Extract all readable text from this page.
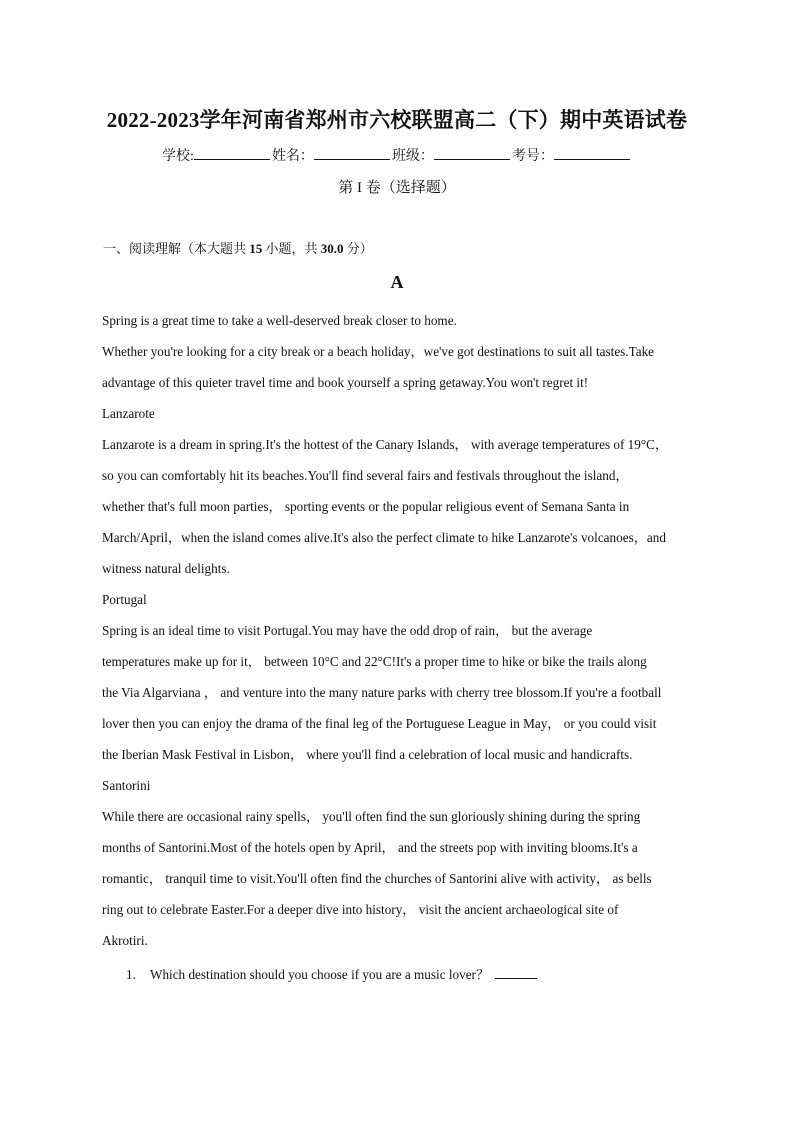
2022-2023学年河南省郑州市六校联盟高二（下）期中英语试卷
学校:	姓名：	班级：	考号：
第 I 卷（选择题）
一、阅读理解（本大题共 15 小题，共 30.0 分）
A
Spring is a great time to take a well-deserved break closer to home.
Whether you're looking for a city break or a beach holiday，we've got destinations to suit all tastes.Take
advantage of this quieter travel time and book yourself a spring getaway.You won't regret it!
Lanzarote
Lanzarote is a dream in spring.It's the hottest of the Canary Islands， with average temperatures of 19°C，
so you can comfortably hit its beaches.You'll find several fairs and festivals throughout the island，
whether that's full moon parties， sporting events or the popular religious event of Semana Santa in
March/April，when the island comes alive.It's also the perfect climate to hike Lanzarote's volcanoes，and
witness natural delights.
Portugal
Spring is an ideal time to visit Portugal.You may have the odd drop of rain， but the average
temperatures make up for it， between 10°C and 22°C!It's a proper time to hike or bike the trails along
the Via Algarviana ， and venture into the many nature parks with cherry tree blossom.If you're a football
lover then you can enjoy the drama of the final leg of the Portuguese League in May， or you could visit
the Iberian Mask Festival in Lisbon， where you'll find a celebration of local music and handicrafts.
Santorini
While there are occasional rainy spells， you'll often find the sun gloriously shining during the spring
months of Santorini.Most of the hotels open by April， and the streets pop with inviting blooms.It's a
romantic， tranquil time to visit.You'll often find the churches of Santorini alive with activity， as bells
ring out to celebrate Easter.For a deeper dive into history， visit the ancient archaeological site of
Akrotiri.
1. Which destination should you choose if you are a music lover？
